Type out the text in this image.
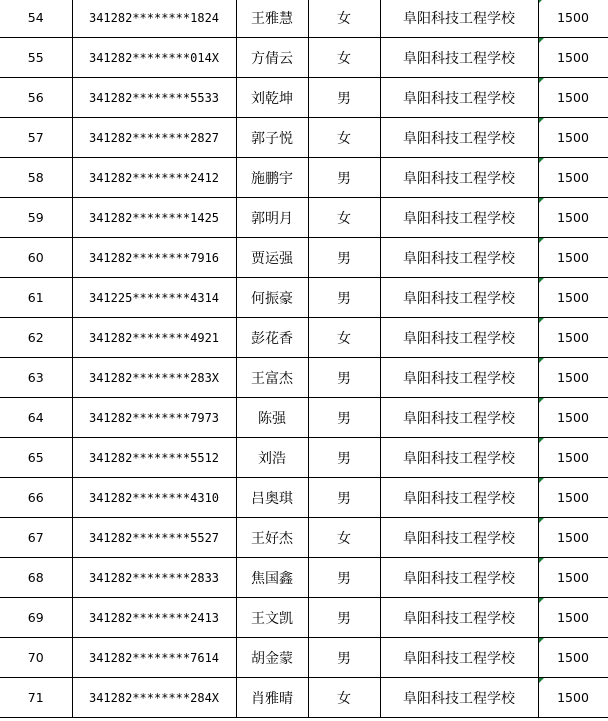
54	341282********1824	王雅慧	女	阜阳科技工程学校	1500
55	341282********014X	方倩云	女	阜阳科技工程学校	1500
56	341282********5533	刘乾坤	男	阜阳科技工程学校	1500
57	341282********2827	郭子悦	女	阜阳科技工程学校	1500
58	341282********2412	施鹏宇	男	阜阳科技工程学校	1500
59	341282********1425	郭明月	女	阜阳科技工程学校	1500
60	341282********7916	贾运强	男	阜阳科技工程学校	1500
61	341225********4314	何振豪	男	阜阳科技工程学校	1500
62	341282********4921	彭花香	女	阜阳科技工程学校	1500
63	341282********283X	王富杰	男	阜阳科技工程学校	1500
64	341282********7973	陈强	男	阜阳科技工程学校	1500
65	341282********5512	刘浩	男	阜阳科技工程学校	1500
66	341282********4310	吕奥琪	男	阜阳科技工程学校	1500
67	341282********5527	王好杰	女	阜阳科技工程学校	1500
68	341282********2833	焦国鑫	男	阜阳科技工程学校	1500
69	341282********2413	王文凯	男	阜阳科技工程学校	1500
70	341282********7614	胡金蒙	男	阜阳科技工程学校	1500
71	341282********284X	肖雅晴	女	阜阳科技工程学校	1500
